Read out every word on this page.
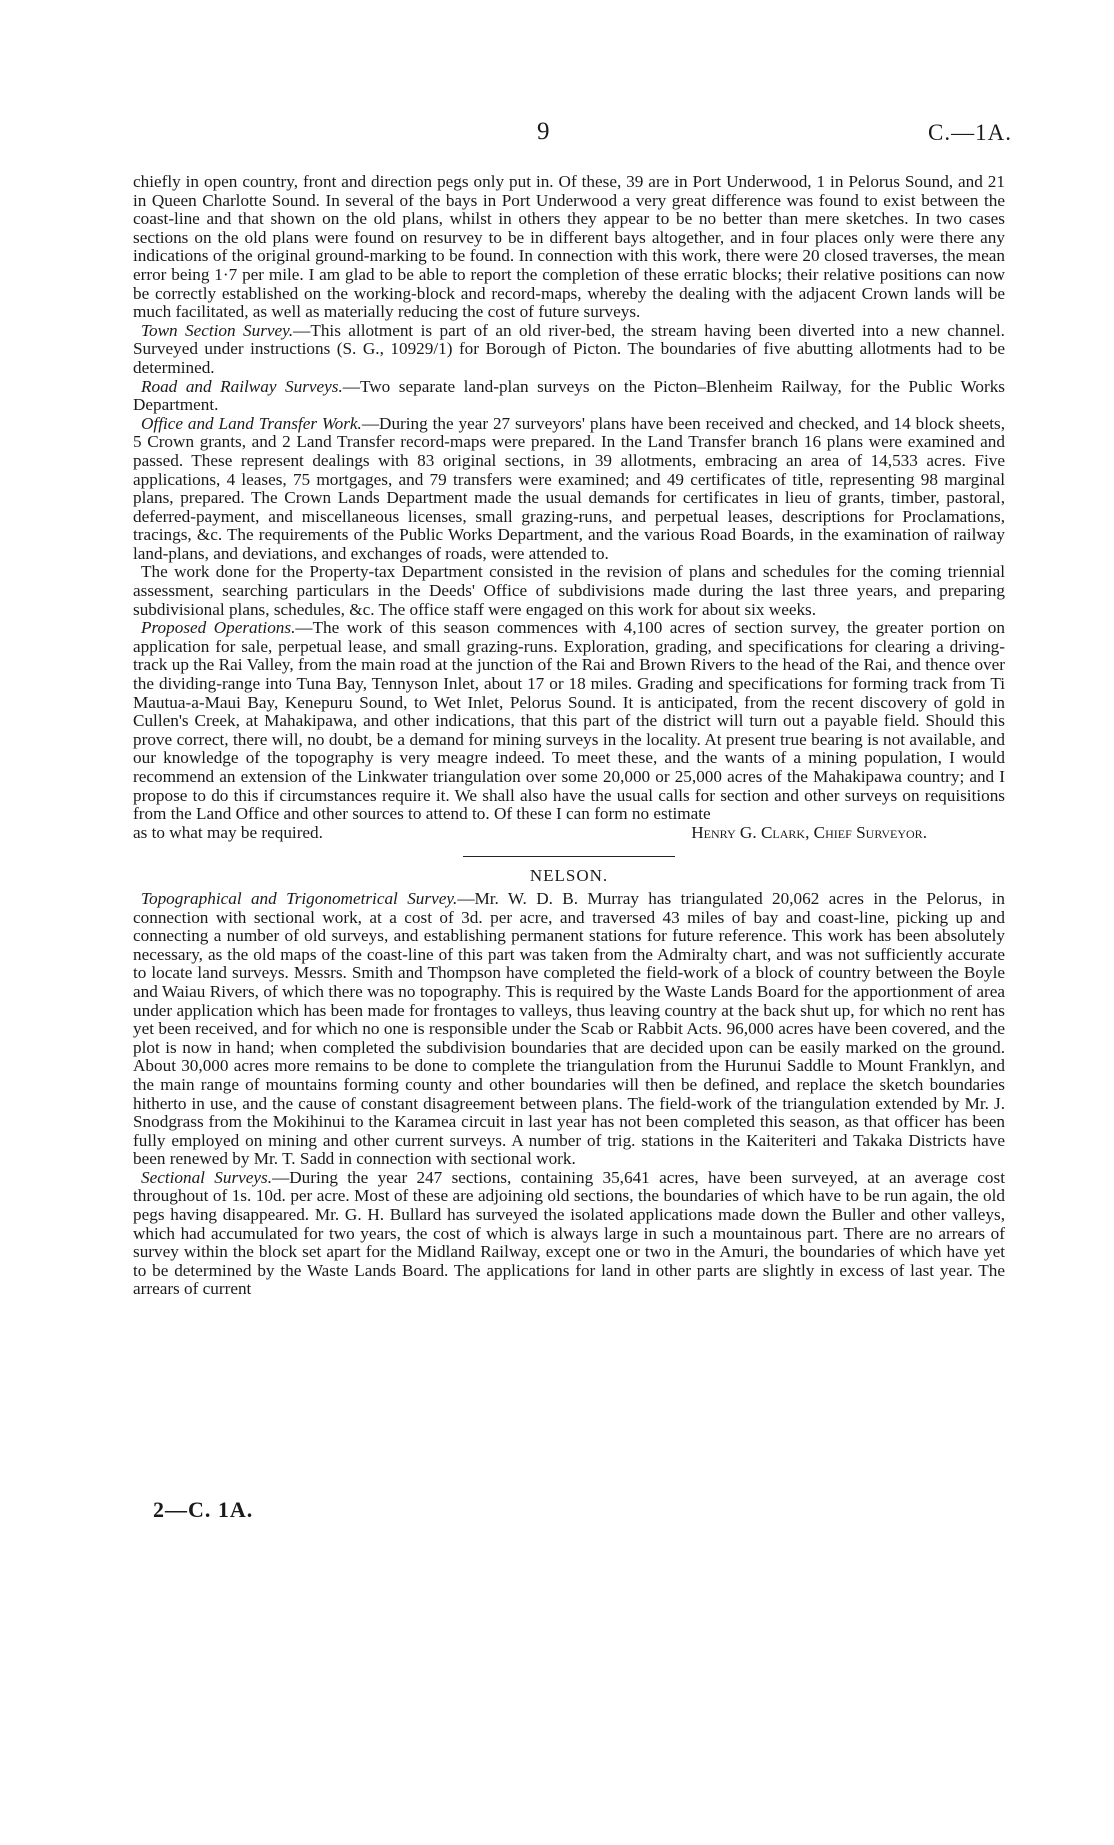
9	C.—1A.

chiefly in open country, front and direction pegs only put in. Of these, 39 are in Port Underwood, 1 in Pelorus Sound, and 21 in Queen Charlotte Sound. In several of the bays in Port Underwood a very great difference was found to exist between the coast-line and that shown on the old plans, whilst in others they appear to be no better than mere sketches. In two cases sections on the old plans were found on resurvey to be in different bays altogether, and in four places only were there any indications of the original ground-marking to be found. In connection with this work, there were 20 closed traverses, the mean error being 1·7 per mile. I am glad to be able to report the completion of these erratic blocks; their relative positions can now be correctly established on the working-block and record-maps, whereby the dealing with the adjacent Crown lands will be much facilitated, as well as materially reducing the cost of future surveys.

Town Section Survey.—This allotment is part of an old river-bed, the stream having been diverted into a new channel. Surveyed under instructions (S. G., 10929/1) for Borough of Picton. The boundaries of five abutting allotments had to be determined.

Road and Railway Surveys.—Two separate land-plan surveys on the Picton–Blenheim Railway, for the Public Works Department.

Office and Land Transfer Work.—During the year 27 surveyors' plans have been received and checked, and 14 block sheets, 5 Crown grants, and 2 Land Transfer record-maps were prepared. In the Land Transfer branch 16 plans were examined and passed. These represent dealings with 83 original sections, in 39 allotments, embracing an area of 14,533 acres. Five applications, 4 leases, 75 mortgages, and 79 transfers were examined; and 49 certificates of title, representing 98 marginal plans, prepared. The Crown Lands Department made the usual demands for certificates in lieu of grants, timber, pastoral, deferred-payment, and miscellaneous licenses, small grazing-runs, and perpetual leases, descriptions for Proclamations, tracings, &c. The requirements of the Public Works Department, and the various Road Boards, in the examination of railway land-plans, and deviations, and exchanges of roads, were attended to.

The work done for the Property-tax Department consisted in the revision of plans and schedules for the coming triennial assessment, searching particulars in the Deeds' Office of subdivisions made during the last three years, and preparing subdivisional plans, schedules, &c. The office staff were engaged on this work for about six weeks.

Proposed Operations.—The work of this season commences with 4,100 acres of section survey, the greater portion on application for sale, perpetual lease, and small grazing-runs. Exploration, grading, and specifications for clearing a driving-track up the Rai Valley, from the main road at the junction of the Rai and Brown Rivers to the head of the Rai, and thence over the dividing-range into Tuna Bay, Tennyson Inlet, about 17 or 18 miles. Grading and specifications for forming track from Ti Mautua-a-Maui Bay, Kenepuru Sound, to Wet Inlet, Pelorus Sound. It is anticipated, from the recent discovery of gold in Cullen's Creek, at Mahakipawa, and other indications, that this part of the district will turn out a payable field. Should this prove correct, there will, no doubt, be a demand for mining surveys in the locality. At present true bearing is not available, and our knowledge of the topography is very meagre indeed. To meet these, and the wants of a mining population, I would recommend an extension of the Linkwater triangulation over some 20,000 or 25,000 acres of the Mahakipawa country; and I propose to do this if circumstances require it. We shall also have the usual calls for section and other surveys on requisitions from the Land Office and other sources to attend to. Of these I can form no estimate

as to what may be required.	Henry G. Clark, Chief Surveyor.
NELSON.

Topographical and Trigonometrical Survey.—Mr. W. D. B. Murray has triangulated 20,062 acres in the Pelorus, in connection with sectional work, at a cost of 3d. per acre, and traversed 43 miles of bay and coast-line, picking up and connecting a number of old surveys, and establishing permanent stations for future reference. This work has been absolutely necessary, as the old maps of the coast-line of this part was taken from the Admiralty chart, and was not sufficiently accurate to locate land surveys. Messrs. Smith and Thompson have completed the field-work of a block of country between the Boyle and Waiau Rivers, of which there was no topography. This is required by the Waste Lands Board for the apportionment of area under application which has been made for frontages to valleys, thus leaving country at the back shut up, for which no rent has yet been received, and for which no one is responsible under the Scab or Rabbit Acts. 96,000 acres have been covered, and the plot is now in hand; when completed the subdivision boundaries that are decided upon can be easily marked on the ground. About 30,000 acres more remains to be done to complete the triangulation from the Hurunui Saddle to Mount Franklyn, and the main range of mountains forming county and other boundaries will then be defined, and replace the sketch boundaries hitherto in use, and the cause of constant disagreement between plans. The field-work of the triangulation extended by Mr. J. Snodgrass from the Mokihinui to the Karamea circuit in last year has not been completed this season, as that officer has been fully employed on mining and other current surveys. A number of trig. stations in the Kaiteriteri and Takaka Districts have been renewed by Mr. T. Sadd in connection with sectional work.

Sectional Surveys.—During the year 247 sections, containing 35,641 acres, have been surveyed, at an average cost throughout of 1s. 10d. per acre. Most of these are adjoining old sections, the boundaries of which have to be run again, the old pegs having disappeared. Mr. G. H. Bullard has surveyed the isolated applications made down the Buller and other valleys, which had accumulated for two years, the cost of which is always large in such a mountainous part. There are no arrears of survey within the block set apart for the Midland Railway, except one or two in the Amuri, the boundaries of which have yet to be determined by the Waste Lands Board. The applications for land in other parts are slightly in excess of last year. The arrears of current

2—C. 1A.
